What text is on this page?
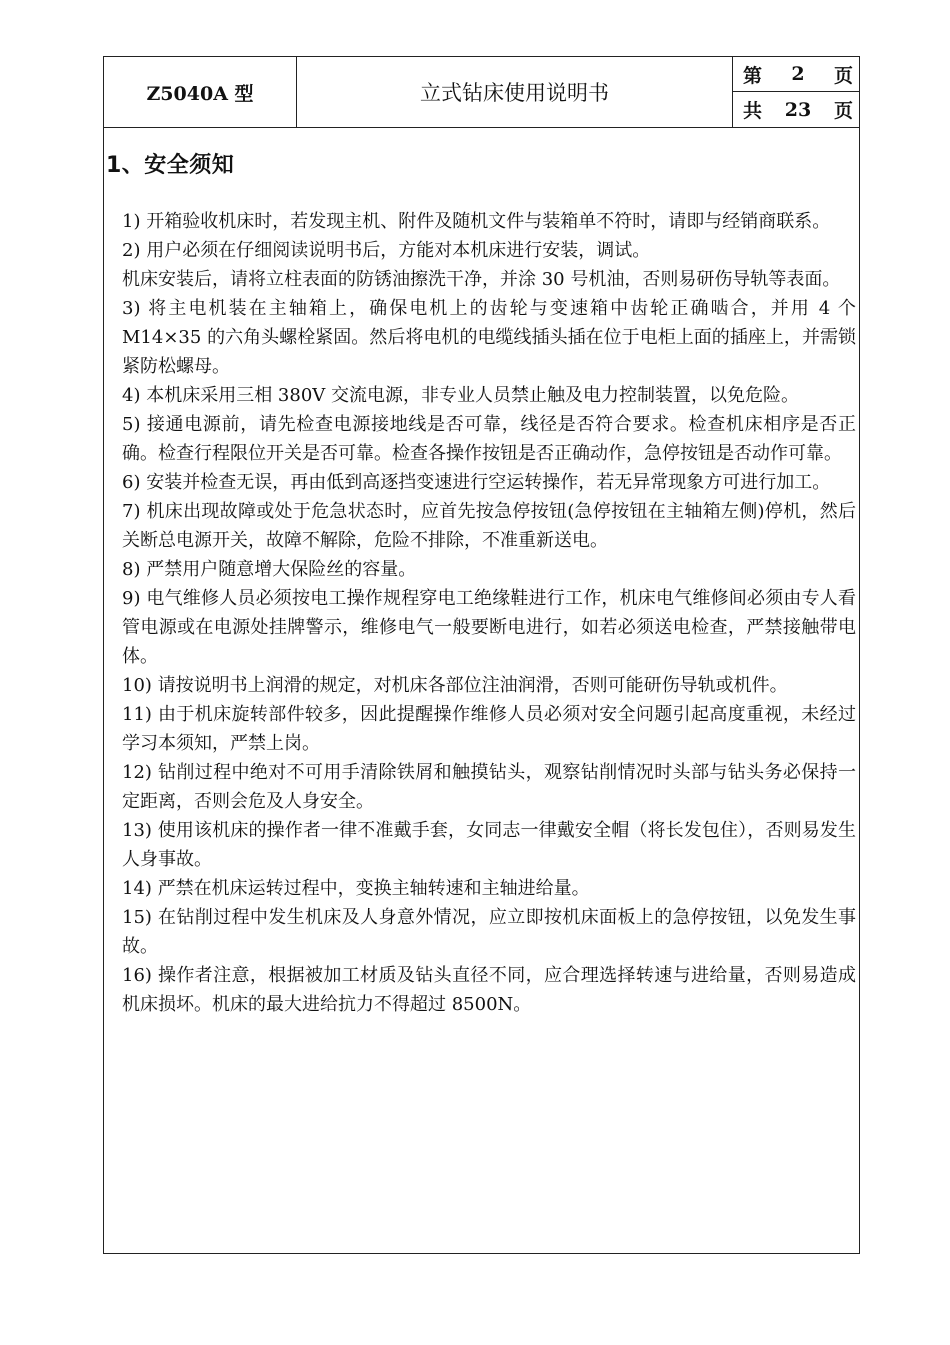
Z5040A 型	立式钻床使用说明书
第 2 页
共 23 页
1、安全须知

1) 开箱验收机床时，若发现主机、附件及随机文件与装箱单不符时，请即与经销商联系。

2) 用户必须在仔细阅读说明书后，方能对本机床进行安装，调试。

机床安装后，请将立柱表面的防锈油擦洗干净，并涂 30 号机油，否则易研伤导轨等表面。

3) 将主电机装在主轴箱上，确保电机上的齿轮与变速箱中齿轮正确啮合，并用 4 个 M14×35 的六角头螺栓紧固。然后将电机的电缆线插头插在位于电柜上面的插座上，并需锁紧防松螺母。

4) 本机床采用三相 380V 交流电源，非专业人员禁止触及电力控制装置，以免危险。

5) 接通电源前，请先检查电源接地线是否可靠，线径是否符合要求。检查机床相序是否正确。检查行程限位开关是否可靠。检查各操作按钮是否正确动作，急停按钮是否动作可靠。

6) 安装并检查无误，再由低到高逐挡变速进行空运转操作，若无异常现象方可进行加工。

7) 机床出现故障或处于危急状态时，应首先按急停按钮(急停按钮在主轴箱左侧)停机，然后关断总电源开关，故障不解除，危险不排除，不准重新送电。

8) 严禁用户随意增大保险丝的容量。

9) 电气维修人员必须按电工操作规程穿电工绝缘鞋进行工作，机床电气维修间必须由专人看管电源或在电源处挂牌警示，维修电气一般要断电进行，如若必须送电检查，严禁接触带电体。

10) 请按说明书上润滑的规定，对机床各部位注油润滑，否则可能研伤导轨或机件。

11) 由于机床旋转部件较多，因此提醒操作维修人员必须对安全问题引起高度重视，未经过学习本须知，严禁上岗。

12) 钻削过程中绝对不可用手清除铁屑和触摸钻头，观察钻削情况时头部与钻头务必保持一定距离，否则会危及人身安全。

13) 使用该机床的操作者一律不准戴手套，女同志一律戴安全帽（将长发包住），否则易发生人身事故。

14) 严禁在机床运转过程中，变换主轴转速和主轴进给量。

15) 在钻削过程中发生机床及人身意外情况，应立即按机床面板上的急停按钮，以免发生事故。

16) 操作者注意，根据被加工材质及钻头直径不同，应合理选择转速与进给量，否则易造成机床损坏。机床的最大进给抗力不得超过 8500N。
